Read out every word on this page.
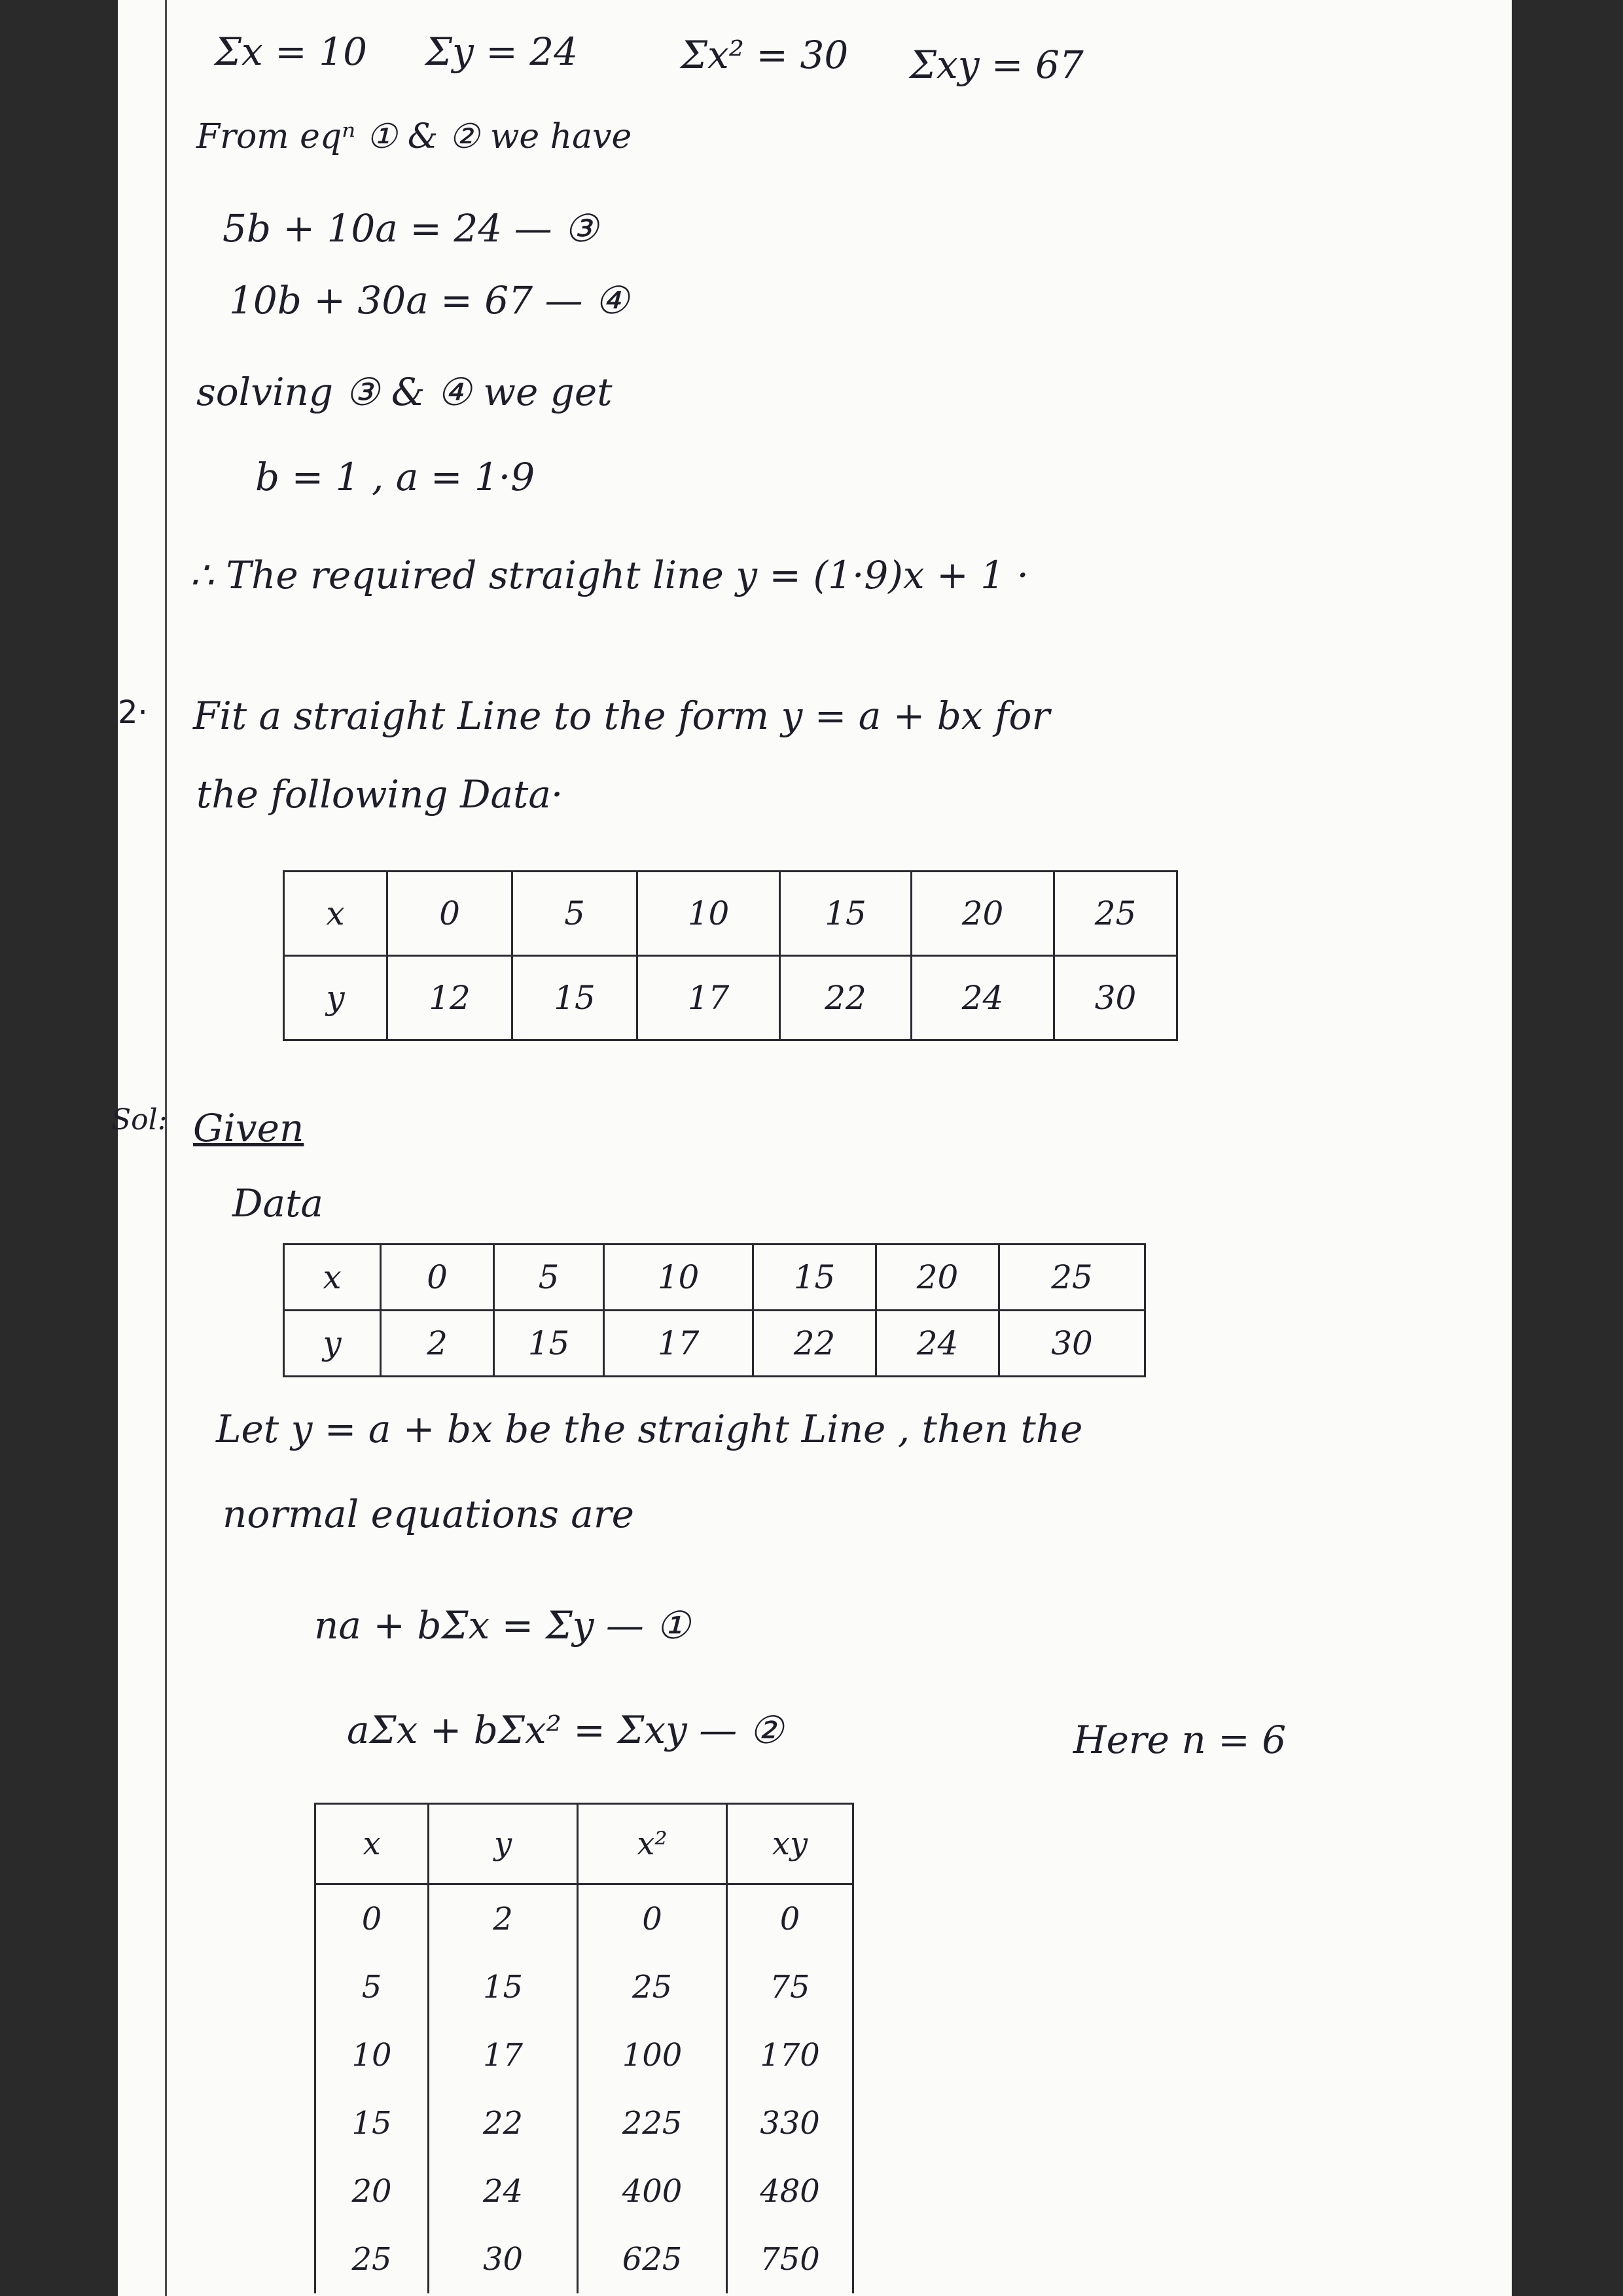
Σx = 10 Σy = 24	Σx² = 30 Σxy = 67
From eqⁿ ① & ② we have
5b + 10a = 24 — ③
10b + 30a = 67 — ④
solving ③ & ④ we get
b = 1 , a = 1·9
∴ The required straight line y = (1·9)x + 1 ·
2· Fit a straight Line to the form y = a + bx for
the following Data·
x	0	5	10	15	20	25
y	12	15	17	22	24	30
Sol: Given
Data
x	0	5	10	15	20	25
y	2	15	17	22	24	30
Let y = a + bx be the straight Line , then the
normal equations are
na + bΣx = Σy — ①
aΣx + bΣx² = Σxy — ②	Here n = 6
x	y	x²	xy
0	2	0	0
5	15	25	75
10	17	100	170
15	22	225	330
20	24	400	480
25	30	625	750
